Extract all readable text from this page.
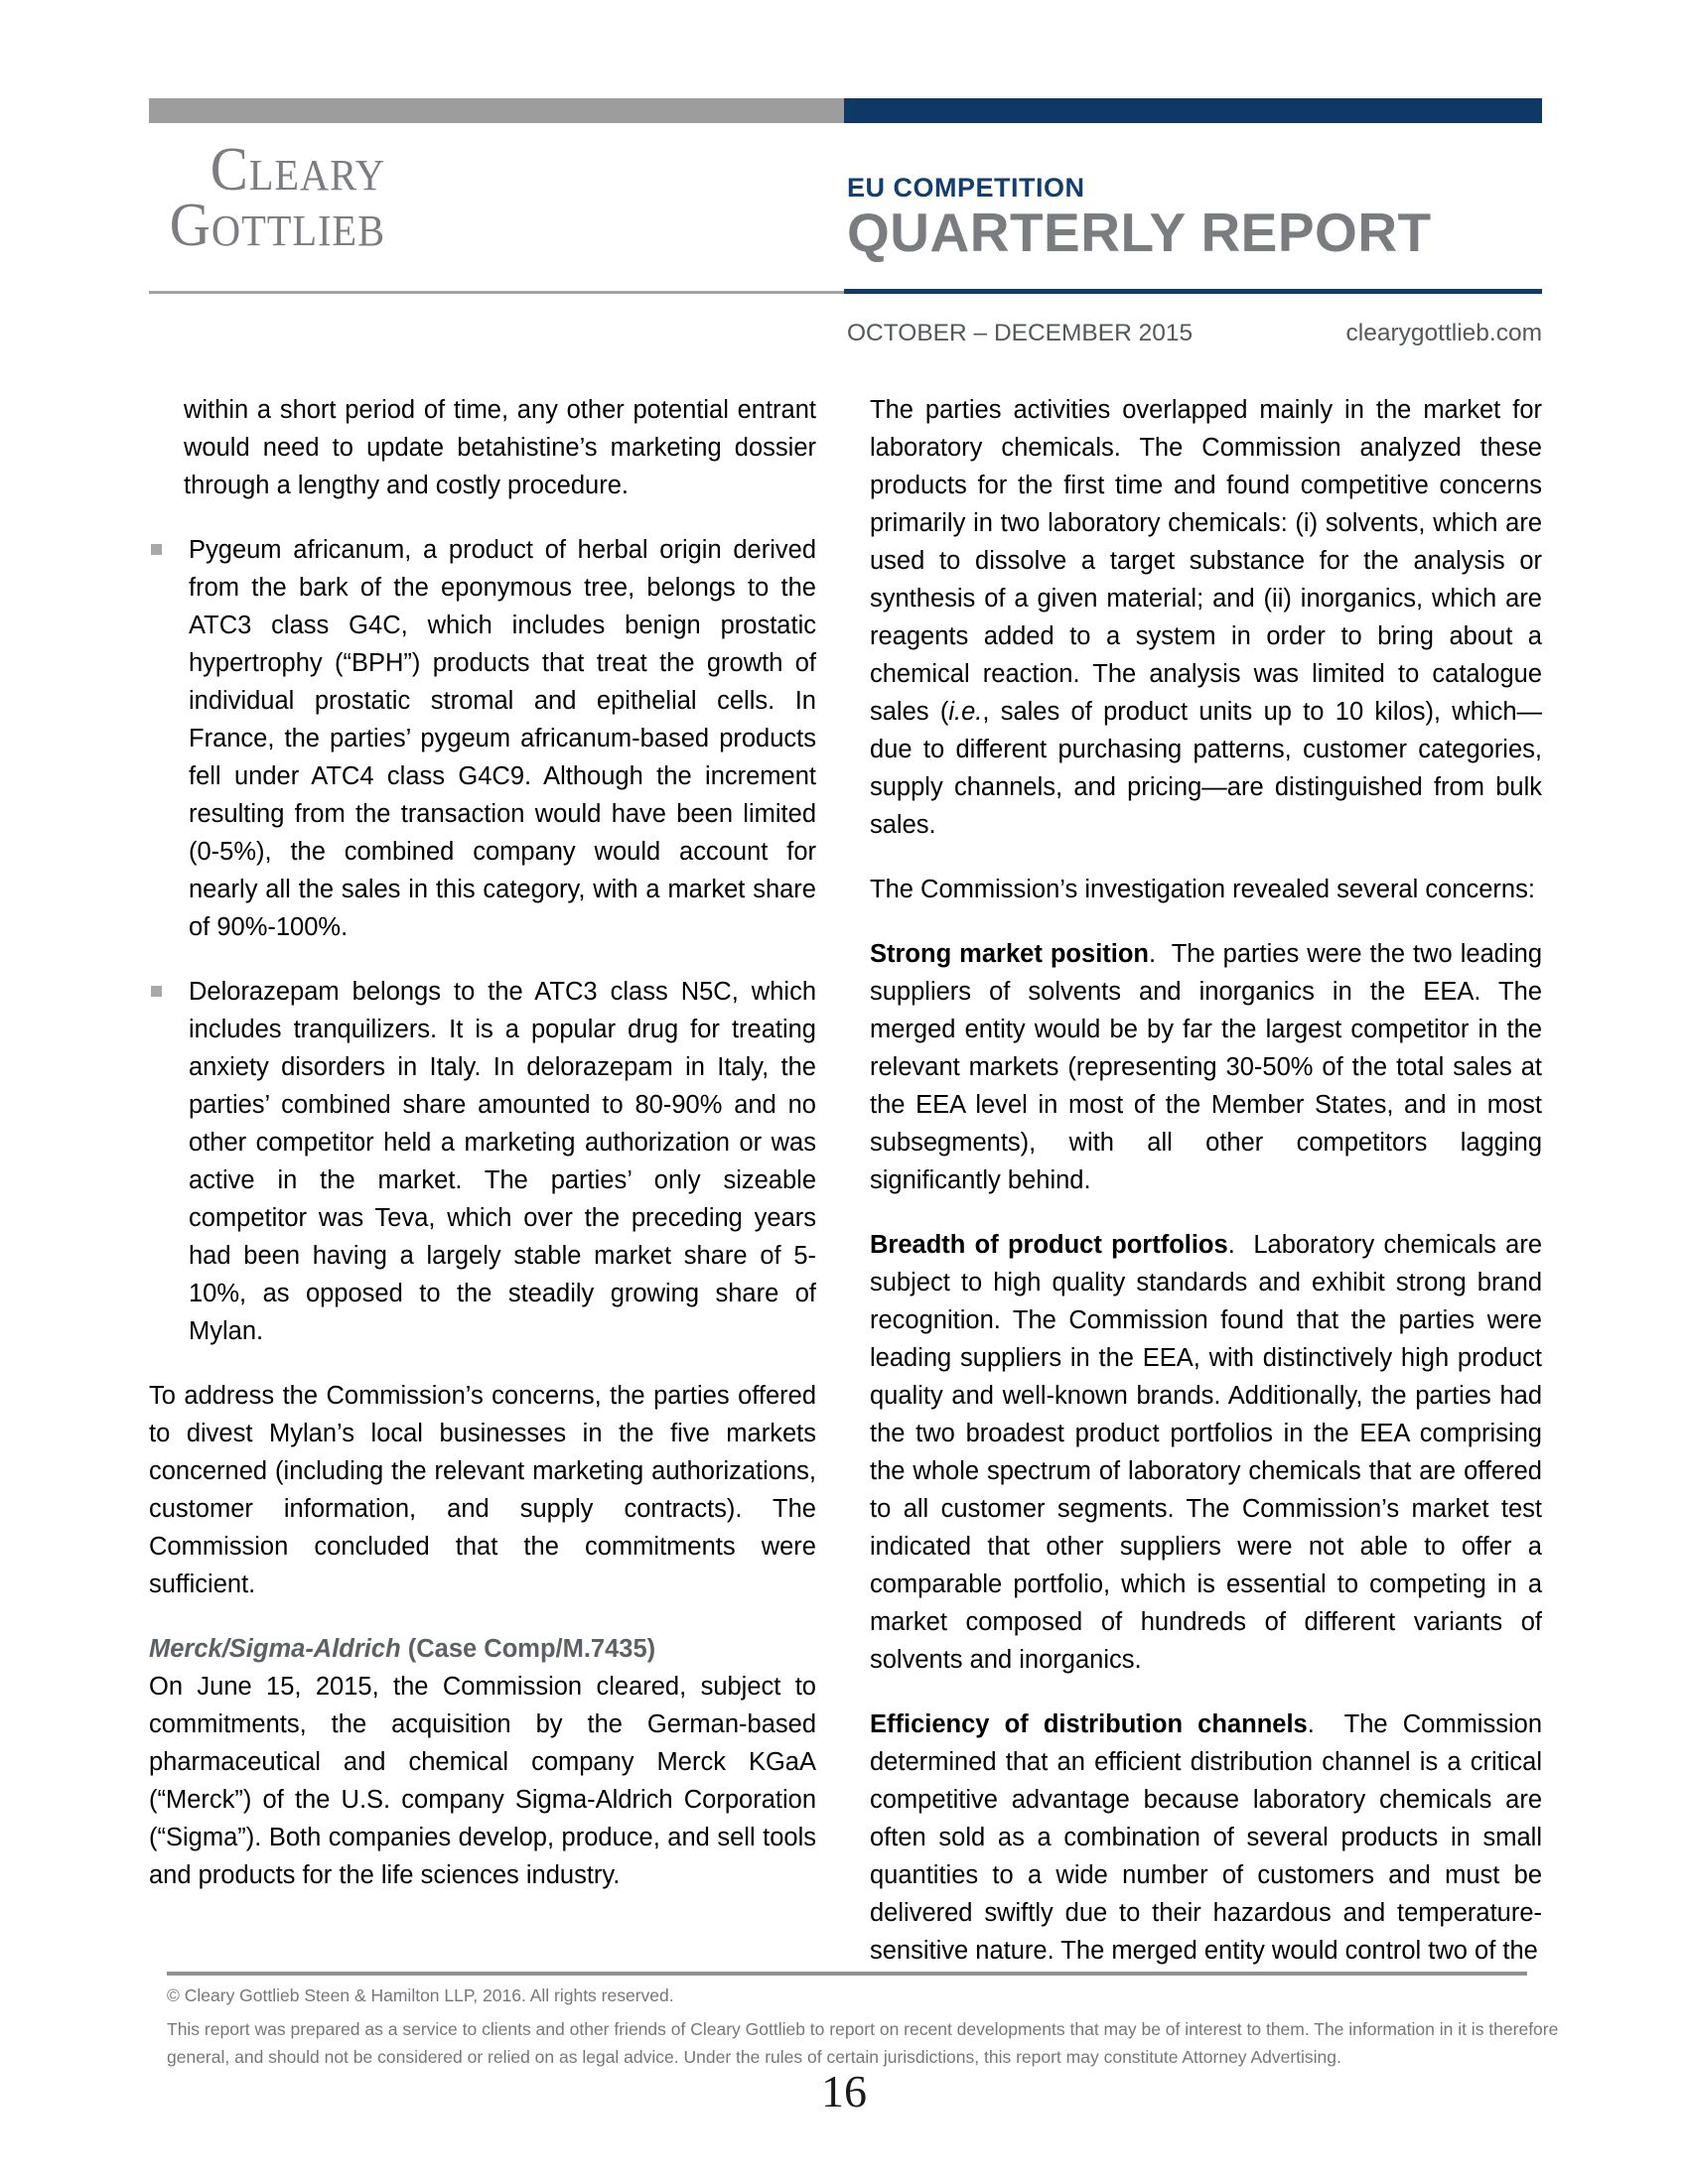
CLEARY
GOTTLIEB
EU COMPETITION
QUARTERLY REPORT
OCTOBER – DECEMBER 2015	clearygottlieb.com

within a short period of time, any other potential entrant would need to update betahistine’s marketing dossier through a lengthy and costly procedure.

Pygeum africanum, a product of herbal origin derived from the bark of the eponymous tree, belongs to the ATC3 class G4C, which includes benign prostatic hypertrophy (“BPH”) products that treat the growth of individual prostatic stromal and epithelial cells. In France, the parties’ pygeum africanum-based products fell under ATC4 class G4C9. Although the increment resulting from the transaction would have been limited (0-5%), the combined company would account for nearly all the sales in this category, with a market share of 90%-100%.
Delorazepam belongs to the ATC3 class N5C, which includes tranquilizers. It is a popular drug for treating anxiety disorders in Italy. In delorazepam in Italy, the parties’ combined share amounted to 80-90% and no other competitor held a marketing authorization or was active in the market. The parties’ only sizeable competitor was Teva, which over the preceding years had been having a largely stable market share of 5-10%, as opposed to the steadily growing share of Mylan.

To address the Commission’s concerns, the parties offered to divest Mylan’s local businesses in the five markets concerned (including the relevant marketing authorizations, customer information, and supply contracts). The Commission concluded that the commitments were sufficient.

Merck/Sigma-Aldrich (Case Comp/M.7435)

On June 15, 2015, the Commission cleared, subject to commitments, the acquisition by the German-based pharmaceutical and chemical company Merck KGaA (“Merck”) of the U.S. company Sigma-Aldrich Corporation (“Sigma”). Both companies develop, produce, and sell tools and products for the life sciences industry.

The parties activities overlapped mainly in the market for laboratory chemicals. The Commission analyzed these products for the first time and found competitive concerns primarily in two laboratory chemicals: (i) solvents, which are used to dissolve a target substance for the analysis or synthesis of a given material; and (ii) inorganics, which are reagents added to a system in order to bring about a chemical reaction. The analysis was limited to catalogue sales (i.e., sales of product units up to 10 kilos), which—due to different purchasing patterns, customer categories, supply channels, and pricing—are distinguished from bulk sales.

The Commission’s investigation revealed several concerns:

Strong market position.  The parties were the two leading suppliers of solvents and inorganics in the EEA. The merged entity would be by far the largest competitor in the relevant markets (representing 30-50% of the total sales at the EEA level in most of the Member States, and in most subsegments), with all other competitors lagging significantly behind.

Breadth of product portfolios.  Laboratory chemicals are subject to high quality standards and exhibit strong brand recognition. The Commission found that the parties were leading suppliers in the EEA, with distinctively high product quality and well-known brands. Additionally, the parties had the two broadest product portfolios in the EEA comprising the whole spectrum of laboratory chemicals that are offered to all customer segments. The Commission’s market test indicated that other suppliers were not able to offer a comparable portfolio, which is essential to competing in a market composed of hundreds of different variants of solvents and inorganics.

Efficiency of distribution channels.  The Commission determined that an efficient distribution channel is a critical competitive advantage because laboratory chemicals are often sold as a combination of several products in small quantities to a wide number of customers and must be delivered swiftly due to their hazardous and temperature-sensitive nature. The merged entity would control two of the

© Cleary Gottlieb Steen & Hamilton LLP, 2016. All rights reserved.
This report was prepared as a service to clients and other friends of Cleary Gottlieb to report on recent developments that may be of interest to them. The information in it is therefore
general, and should not be considered or relied on as legal advice. Under the rules of certain jurisdictions, this report may constitute Attorney Advertising.
16
